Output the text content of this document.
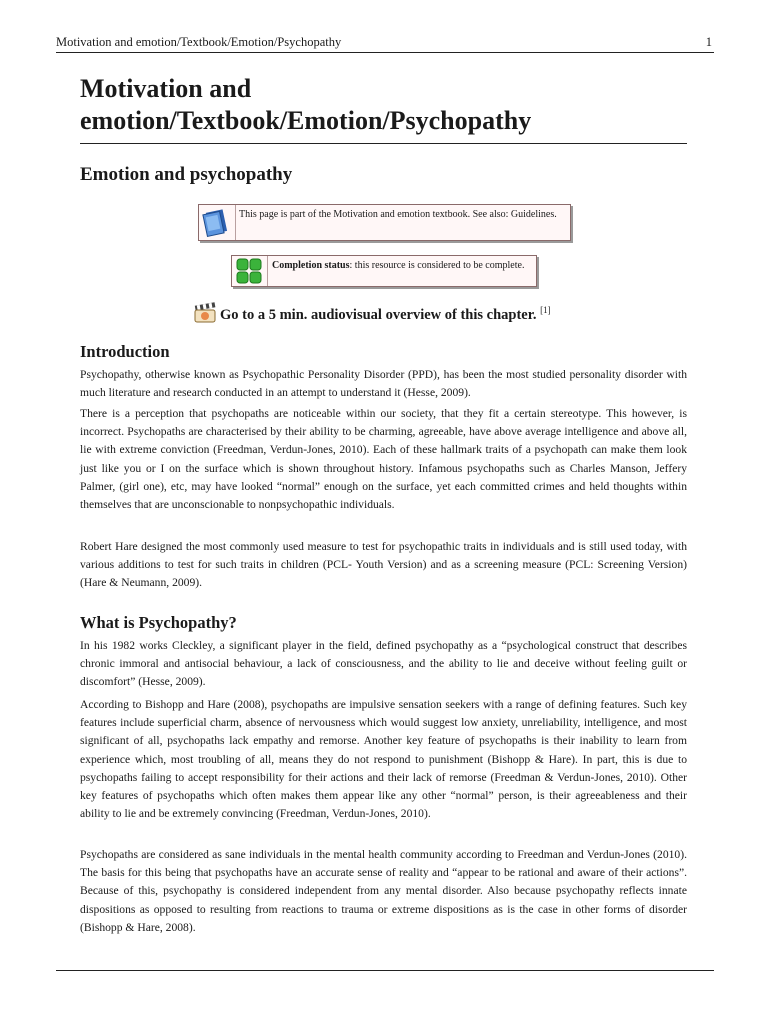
Motivation and emotion/Textbook/Emotion/Psychopathy	1
Motivation and emotion/Textbook/Emotion/Psychopathy
Emotion and psychopathy
This page is part of the Motivation and emotion textbook. See also: Guidelines.
Completion status: this resource is considered to be complete.
Go to a 5 min. audiovisual overview of this chapter. [1]
Introduction

Psychopathy, otherwise known as Psychopathic Personality Disorder (PPD), has been the most studied personality disorder with much literature and research conducted in an attempt to understand it (Hesse, 2009).

There is a perception that psychopaths are noticeable within our society, that they fit a certain stereotype. This however, is incorrect. Psychopaths are characterised by their ability to be charming, agreeable, have above average intelligence and above all, lie with extreme conviction (Freedman, Verdun-Jones, 2010). Each of these hallmark traits of a psychopath can make them look just like you or I on the surface which is shown throughout history. Infamous psychopaths such as Charles Manson, Jeffery Palmer, (girl one), etc, may have looked “normal” enough on the surface, yet each committed crimes and held thoughts within themselves that are unconscionable to nonpsychopathic individuals.

Robert Hare designed the most commonly used measure to test for psychopathic traits in individuals and is still used today, with various additions to test for such traits in children (PCL- Youth Version) and as a screening measure (PCL: Screening Version) (Hare & Neumann, 2009).

What is Psychopathy?

In his 1982 works Cleckley, a significant player in the field, defined psychopathy as a “psychological construct that describes chronic immoral and antisocial behaviour, a lack of consciousness, and the ability to lie and deceive without feeling guilt or discomfort” (Hesse, 2009).

According to Bishopp and Hare (2008), psychopaths are impulsive sensation seekers with a range of defining features. Such key features include superficial charm, absence of nervousness which would suggest low anxiety, unreliability, intelligence, and most significant of all, psychopaths lack empathy and remorse. Another key feature of psychopaths is their inability to learn from experience which, most troubling of all, means they do not respond to punishment (Bishopp & Hare). In part, this is due to psychopaths failing to accept responsibility for their actions and their lack of remorse (Freedman & Verdun-Jones, 2010). Other key features of psychopaths which often makes them appear like any other “normal” person, is their agreeableness and their ability to lie and be extremely convincing (Freedman, Verdun-Jones, 2010).

Psychopaths are considered as sane individuals in the mental health community according to Freedman and Verdun-Jones (2010). The basis for this being that psychopaths have an accurate sense of reality and “appear to be rational and aware of their actions”. Because of this, psychopathy is considered independent from any mental disorder. Also because psychopathy reflects innate dispositions as opposed to resulting from reactions to trauma or extreme dispositions as is the case in other forms of disorder (Bishopp & Hare, 2008).
